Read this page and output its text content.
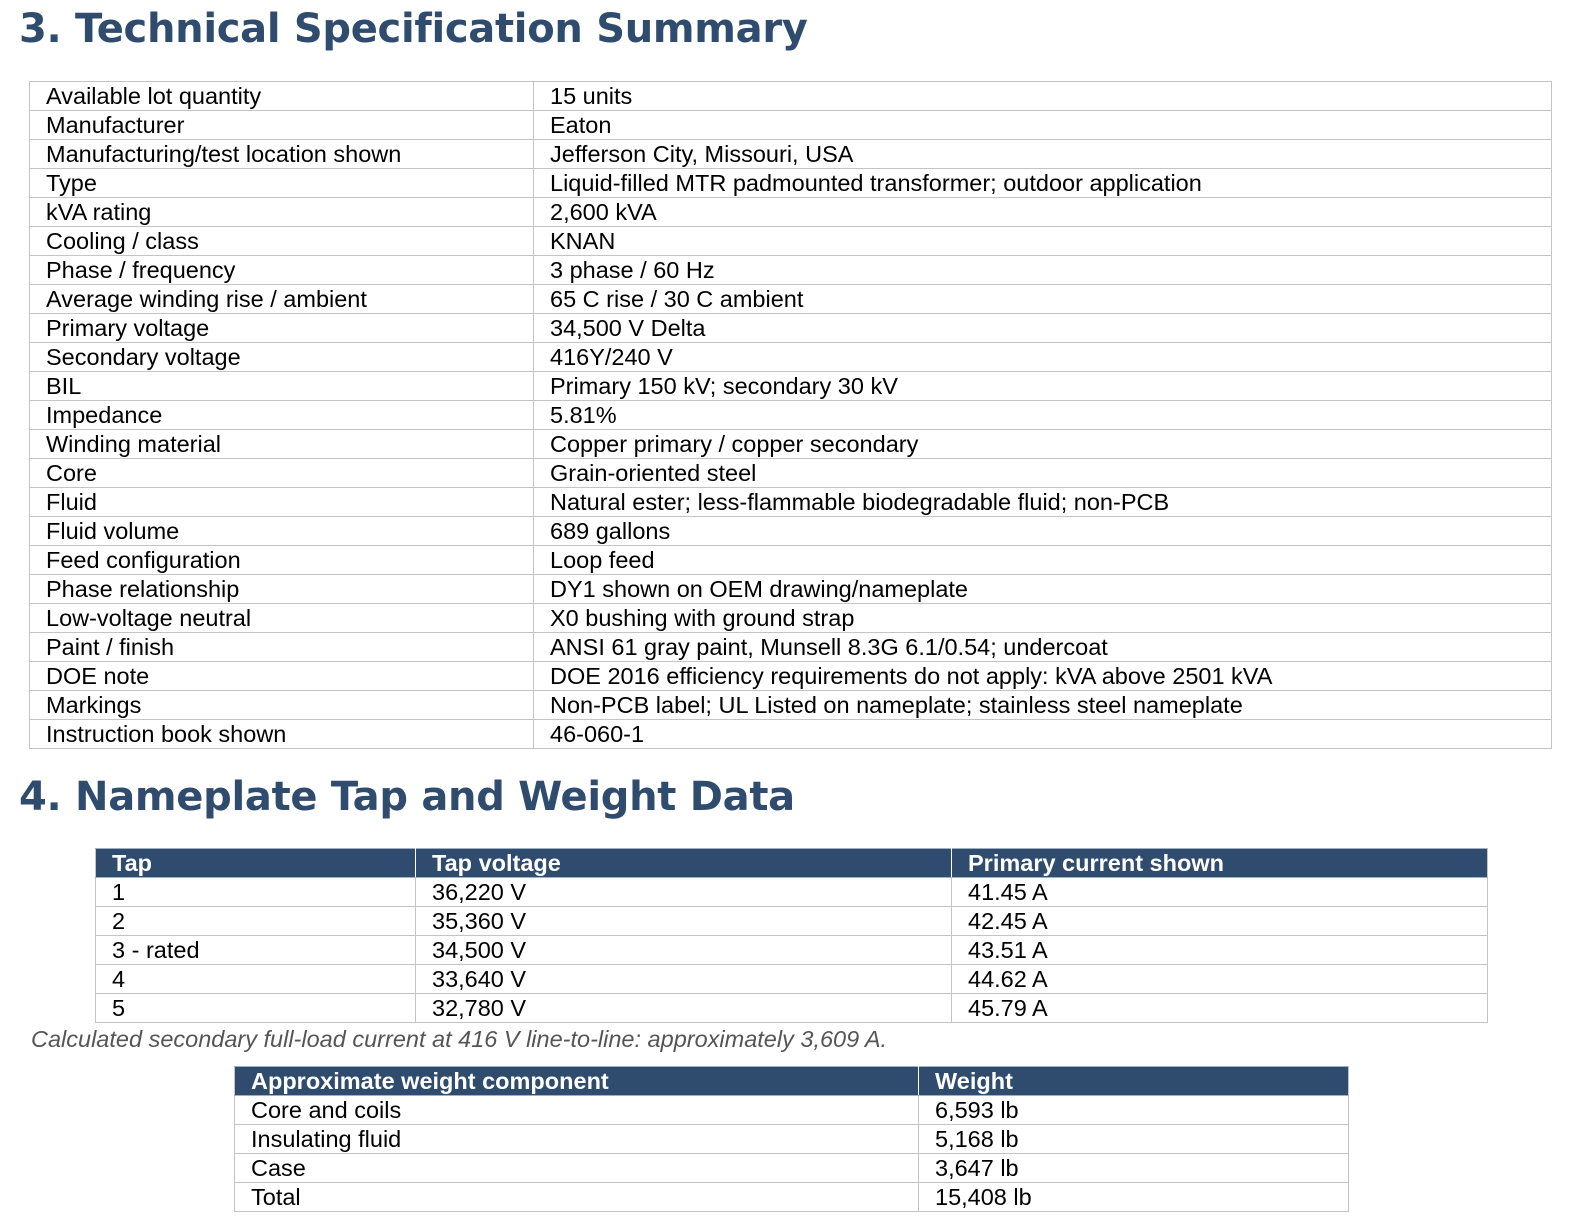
3. Technical Specification Summary
Available lot quantity	15 units
Manufacturer	Eaton
Manufacturing/test location shown	Jefferson City, Missouri, USA
Type	Liquid-filled MTR padmounted transformer; outdoor application
kVA rating	2,600 kVA
Cooling / class	KNAN
Phase / frequency	3 phase / 60 Hz
Average winding rise / ambient	65 C rise / 30 C ambient
Primary voltage	34,500 V Delta
Secondary voltage	416Y/240 V
BIL	Primary 150 kV; secondary 30 kV
Impedance	5.81%
Winding material	Copper primary / copper secondary
Core	Grain-oriented steel
Fluid	Natural ester; less-flammable biodegradable fluid; non-PCB
Fluid volume	689 gallons
Feed configuration	Loop feed
Phase relationship	DY1 shown on OEM drawing/nameplate
Low-voltage neutral	X0 bushing with ground strap
Paint / finish	ANSI 61 gray paint, Munsell 8.3G 6.1/0.54; undercoat
DOE note	DOE 2016 efficiency requirements do not apply: kVA above 2501 kVA
Markings	Non-PCB label; UL Listed on nameplate; stainless steel nameplate
Instruction book shown	46-060-1
4. Nameplate Tap and Weight Data
Tap	Tap voltage	Primary current shown
1	36,220 V	41.45 A
2	35,360 V	42.45 A
3 - rated	34,500 V	43.51 A
4	33,640 V	44.62 A
5	32,780 V	45.79 A

Calculated secondary full-load current at 416 V line-to-line: approximately 3,609 A.

Approximate weight component	Weight
Core and coils	6,593 lb
Insulating fluid	5,168 lb
Case	3,647 lb
Total	15,408 lb
